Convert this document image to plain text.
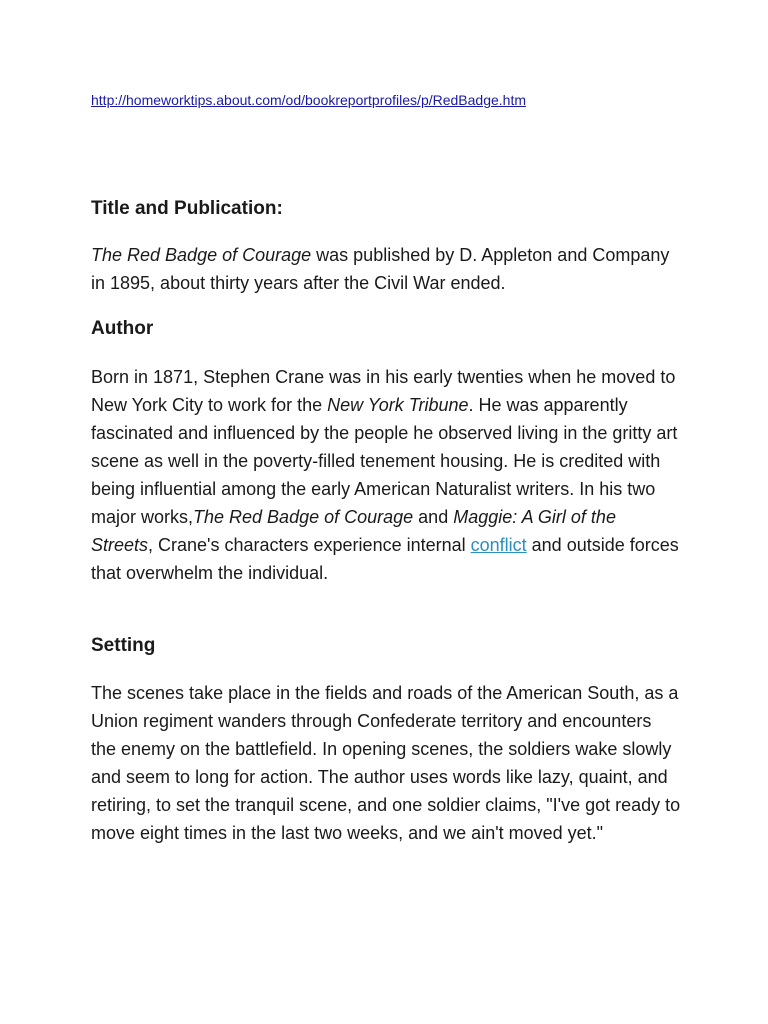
http://homeworktips.about.com/od/bookreportprofiles/p/RedBadge.htm
Title and Publication:

The Red Badge of Courage was published by D. Appleton and Company in 1895, about thirty years after the Civil War ended.

Author

Born in 1871, Stephen Crane was in his early twenties when he moved to New York City to work for the New York Tribune. He was apparently fascinated and influenced by the people he observed living in the gritty art scene as well in the poverty-filled tenement housing. He is credited with being influential among the early American Naturalist writers. In his two major works,The Red Badge of Courage and Maggie: A Girl of the Streets, Crane's characters experience internal conflict and outside forces that overwhelm the individual.

Setting

The scenes take place in the fields and roads of the American South, as a Union regiment wanders through Confederate territory and encounters the enemy on the battlefield. In opening scenes, the soldiers wake slowly and seem to long for action. The author uses words like lazy, quaint, and retiring, to set the tranquil scene, and one soldier claims, "I've got ready to move eight times in the last two weeks, and we ain't moved yet."
